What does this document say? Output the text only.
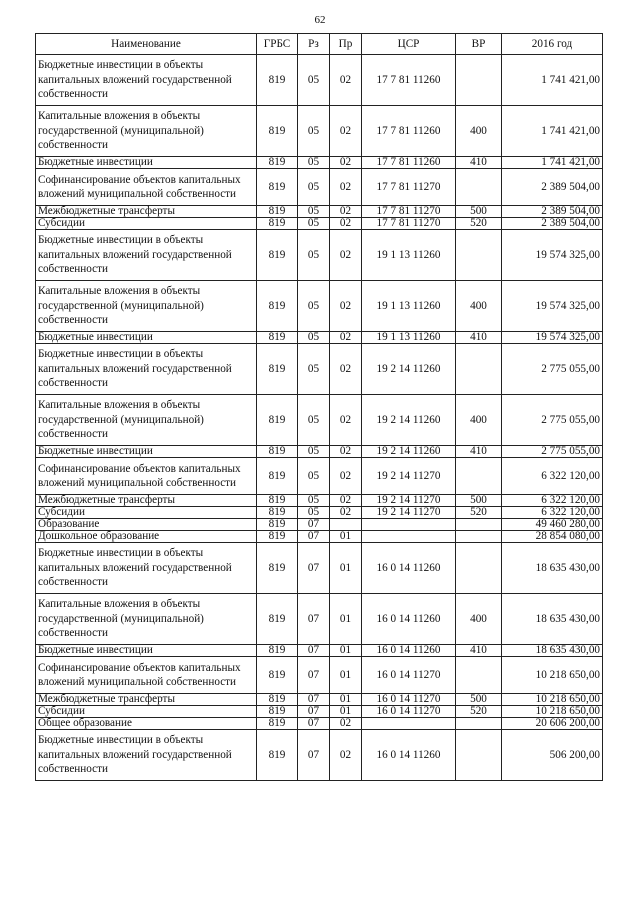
62
Наименование	ГРБС	Рз	Пр	ЦСР	ВР	2016 год
Бюджетные инвестиции в объекты капитальных вложений государственной собственности	819	05	02	17 7 81 11260		1 741 421,00
Капитальные вложения в объекты государственной (муниципальной) собственности	819	05	02	17 7 81 11260	400	1 741 421,00
Бюджетные инвестиции	819	05	02	17 7 81 11260	410	1 741 421,00
Софинансирование объектов капитальных вложений муниципальной собственности	819	05	02	17 7 81 11270		2 389 504,00
Межбюджетные трансферты	819	05	02	17 7 81 11270	500	2 389 504,00
Субсидии	819	05	02	17 7 81 11270	520	2 389 504,00
Бюджетные инвестиции в объекты капитальных вложений государственной собственности	819	05	02	19 1 13 11260		19 574 325,00
Капитальные вложения в объекты государственной (муниципальной) собственности	819	05	02	19 1 13 11260	400	19 574 325,00
Бюджетные инвестиции	819	05	02	19 1 13 11260	410	19 574 325,00
Бюджетные инвестиции в объекты капитальных вложений государственной собственности	819	05	02	19 2 14 11260		2 775 055,00
Капитальные вложения в объекты государственной (муниципальной) собственности	819	05	02	19 2 14 11260	400	2 775 055,00
Бюджетные инвестиции	819	05	02	19 2 14 11260	410	2 775 055,00
Софинансирование объектов капитальных вложений муниципальной собственности	819	05	02	19 2 14 11270		6 322 120,00
Межбюджетные трансферты	819	05	02	19 2 14 11270	500	6 322 120,00
Субсидии	819	05	02	19 2 14 11270	520	6 322 120,00
Образование	819	07				49 460 280,00
Дошкольное образование	819	07	01			28 854 080,00
Бюджетные инвестиции в объекты капитальных вложений государственной собственности	819	07	01	16 0 14 11260		18 635 430,00
Капитальные вложения в объекты государственной (муниципальной) собственности	819	07	01	16 0 14 11260	400	18 635 430,00
Бюджетные инвестиции	819	07	01	16 0 14 11260	410	18 635 430,00
Софинансирование объектов капитальных вложений муниципальной собственности	819	07	01	16 0 14 11270		10 218 650,00
Межбюджетные трансферты	819	07	01	16 0 14 11270	500	10 218 650,00
Субсидии	819	07	01	16 0 14 11270	520	10 218 650,00
Общее образование	819	07	02			20 606 200,00
Бюджетные инвестиции в объекты капитальных вложений государственной собственности	819	07	02	16 0 14 11260		506 200,00
